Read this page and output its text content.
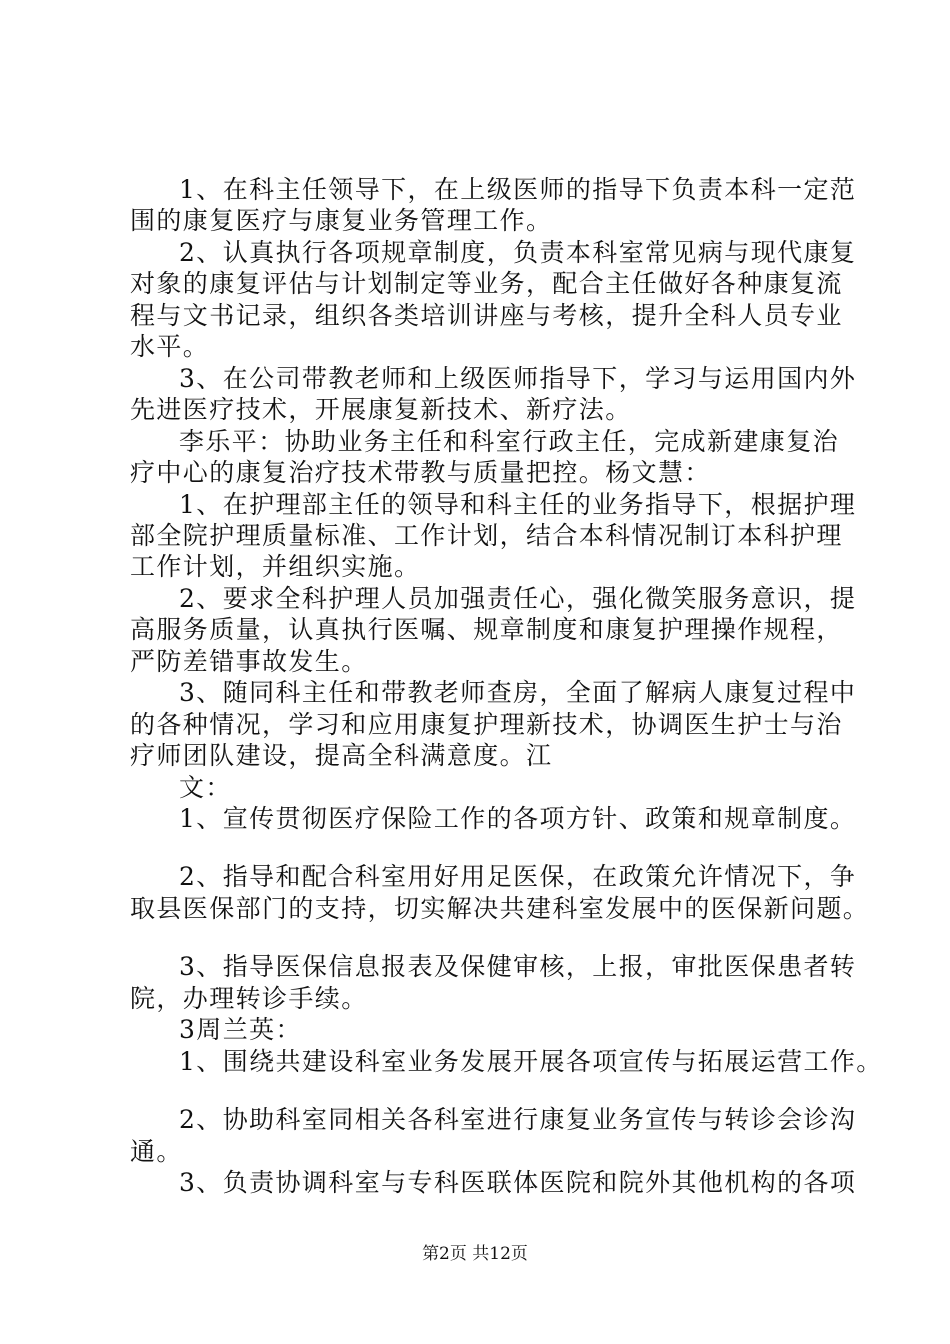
1、在科主任领导下，在上级医师的指导下负责本科一定范
围的康复医疗与康复业务管理工作。
2、认真执行各项规章制度，负责本科室常见病与现代康复
对象的康复评估与计划制定等业务，配合主任做好各种康复流
程与文书记录，组织各类培训讲座与考核，提升全科人员专业
水平。
3、在公司带教老师和上级医师指导下，学习与运用国内外
先进医疗技术，开展康复新技术、新疗法。
李乐平：协助业务主任和科室行政主任，完成新建康复治
疗中心的康复治疗技术带教与质量把控。杨文慧：
1、在护理部主任的领导和科主任的业务指导下，根据护理
部全院护理质量标准、工作计划，结合本科情况制订本科护理
工作计划，并组织实施。
2、要求全科护理人员加强责任心，强化微笑服务意识，提
高服务质量，认真执行医嘱、规章制度和康复护理操作规程，
严防差错事故发生。
3、随同科主任和带教老师查房，全面了解病人康复过程中
的各种情况，学习和应用康复护理新技术，协调医生护士与治
疗师团队建设，提高全科满意度。江
文：
1、宣传贯彻医疗保险工作的各项方针、政策和规章制度。
2、指导和配合科室用好用足医保，在政策允许情况下，争
取县医保部门的支持，切实解决共建科室发展中的医保新问题。
3、指导医保信息报表及保健审核，上报，审批医保患者转
院，办理转诊手续。
3周兰英：
1、围绕共建设科室业务发展开展各项宣传与拓展运营工作。
2、协助科室同相关各科室进行康复业务宣传与转诊会诊沟
通。
3、负责协调科室与专科医联体医院和院外其他机构的各项
第2页 共12页
